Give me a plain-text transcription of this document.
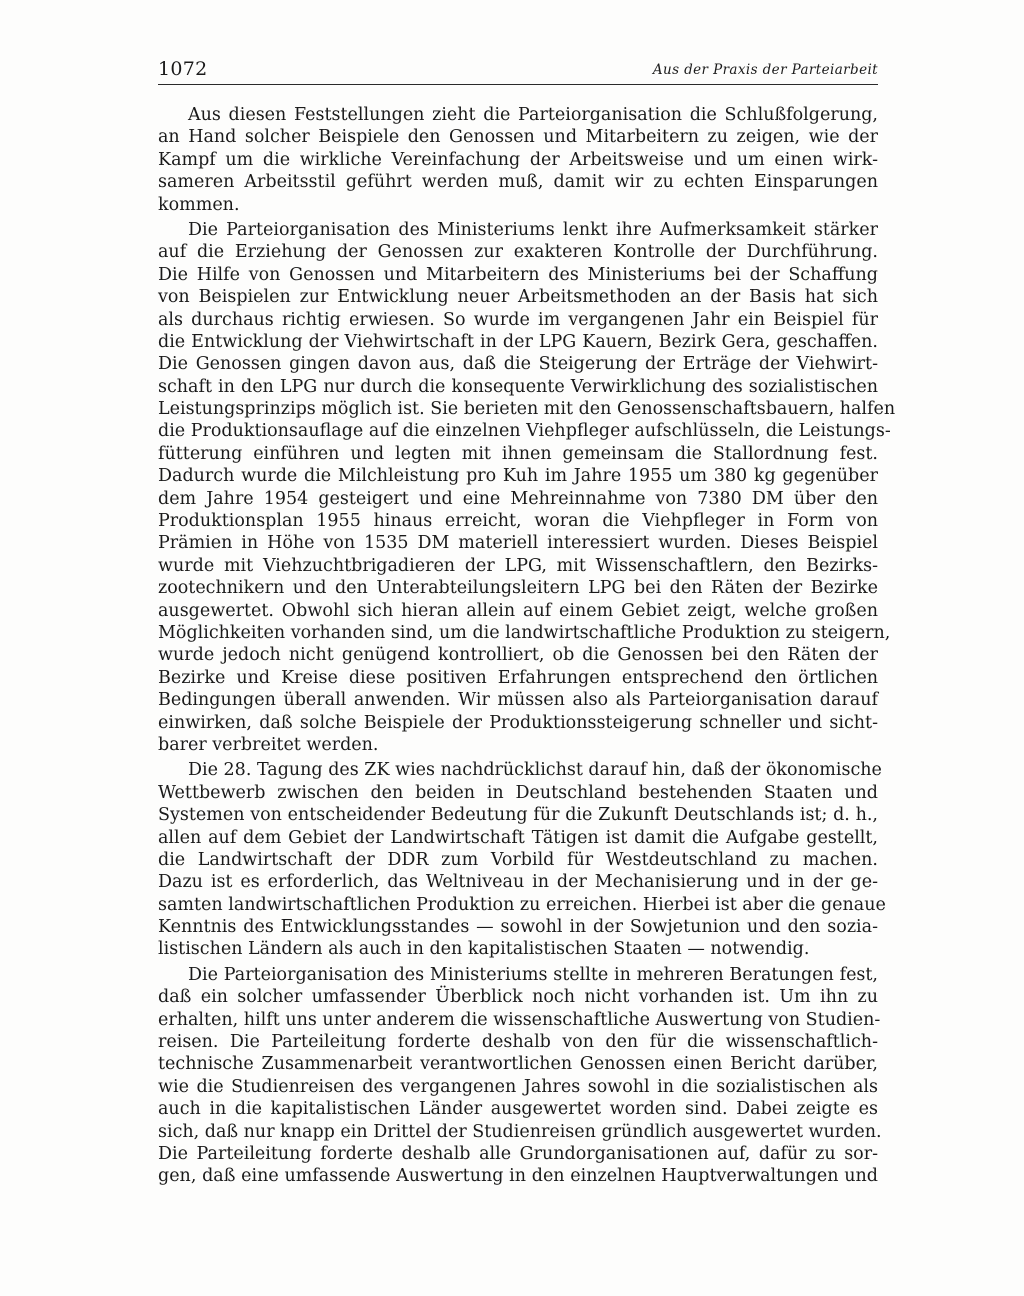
1072	Aus der Praxis der Parteiarbeit
Aus diesen Feststellungen zieht die Parteiorganisation die Schlußfolgerung,
an Hand solcher Beispiele den Genossen und Mitarbeitern zu zeigen, wie der
Kampf um die wirkliche Vereinfachung der Arbeitsweise und um einen wirk-
sameren Arbeitsstil geführt werden muß, damit wir zu echten Einsparungen
kommen.
Die Parteiorganisation des Ministeriums lenkt ihre Aufmerksamkeit stärker
auf die Erziehung der Genossen zur exakteren Kontrolle der Durchführung.
Die Hilfe von Genossen und Mitarbeitern des Ministeriums bei der Schaffung
von Beispielen zur Entwicklung neuer Arbeitsmethoden an der Basis hat sich
als durchaus richtig erwiesen. So wurde im vergangenen Jahr ein Beispiel für
die Entwicklung der Viehwirtschaft in der LPG Kauern, Bezirk Gera, geschaffen.
Die Genossen gingen davon aus, daß die Steigerung der Erträge der Viehwirt-
schaft in den LPG nur durch die konsequente Verwirklichung des sozialistischen
Leistungsprinzips möglich ist. Sie berieten mit den Genossenschaftsbauern, halfen
die Produktionsauflage auf die einzelnen Viehpfleger aufschlüsseln, die Leistungs-
fütterung einführen und legten mit ihnen gemeinsam die Stallordnung fest.
Dadurch wurde die Milchleistung pro Kuh im Jahre 1955 um 380 kg gegenüber
dem Jahre 1954 gesteigert und eine Mehreinnahme von 7380 DM über den
Produktionsplan 1955 hinaus erreicht, woran die Viehpfleger in Form von
Prämien in Höhe von 1535 DM materiell interessiert wurden. Dieses Beispiel
wurde mit Viehzuchtbrigadieren der LPG, mit Wissenschaftlern, den Bezirks-
zootechnikern und den Unterabteilungsleitern LPG bei den Räten der Bezirke
ausgewertet. Obwohl sich hieran allein auf einem Gebiet zeigt, welche großen
Möglichkeiten vorhanden sind, um die landwirtschaftliche Produktion zu steigern,
wurde jedoch nicht genügend kontrolliert, ob die Genossen bei den Räten der
Bezirke und Kreise diese positiven Erfahrungen entsprechend den örtlichen
Bedingungen überall anwenden. Wir müssen also als Parteiorganisation darauf
einwirken, daß solche Beispiele der Produktionssteigerung schneller und sicht-
barer verbreitet werden.
Die 28. Tagung des ZK wies nachdrücklichst darauf hin, daß der ökonomische
Wettbewerb zwischen den beiden in Deutschland bestehenden Staaten und
Systemen von entscheidender Bedeutung für die Zukunft Deutschlands ist; d. h.,
allen auf dem Gebiet der Landwirtschaft Tätigen ist damit die Aufgabe gestellt,
die Landwirtschaft der DDR zum Vorbild für Westdeutschland zu machen.
Dazu ist es erforderlich, das Weltniveau in der Mechanisierung und in der ge-
samten landwirtschaftlichen Produktion zu erreichen. Hierbei ist aber die genaue
Kenntnis des Entwicklungsstandes — sowohl in der Sowjetunion und den sozia-
listischen Ländern als auch in den kapitalistischen Staaten — notwendig.
Die Parteiorganisation des Ministeriums stellte in mehreren Beratungen fest,
daß ein solcher umfassender Überblick noch nicht vorhanden ist. Um ihn zu
erhalten, hilft uns unter anderem die wissenschaftliche Auswertung von Studien-
reisen. Die Parteileitung forderte deshalb von den für die wissenschaftlich-
technische Zusammenarbeit verantwortlichen Genossen einen Bericht darüber,
wie die Studienreisen des vergangenen Jahres sowohl in die sozialistischen als
auch in die kapitalistischen Länder ausgewertet worden sind. Dabei zeigte es
sich, daß nur knapp ein Drittel der Studienreisen gründlich ausgewertet wurden.
Die Parteileitung forderte deshalb alle Grundorganisationen auf, dafür zu sor-
gen, daß eine umfassende Auswertung in den einzelnen Hauptverwaltungen und
